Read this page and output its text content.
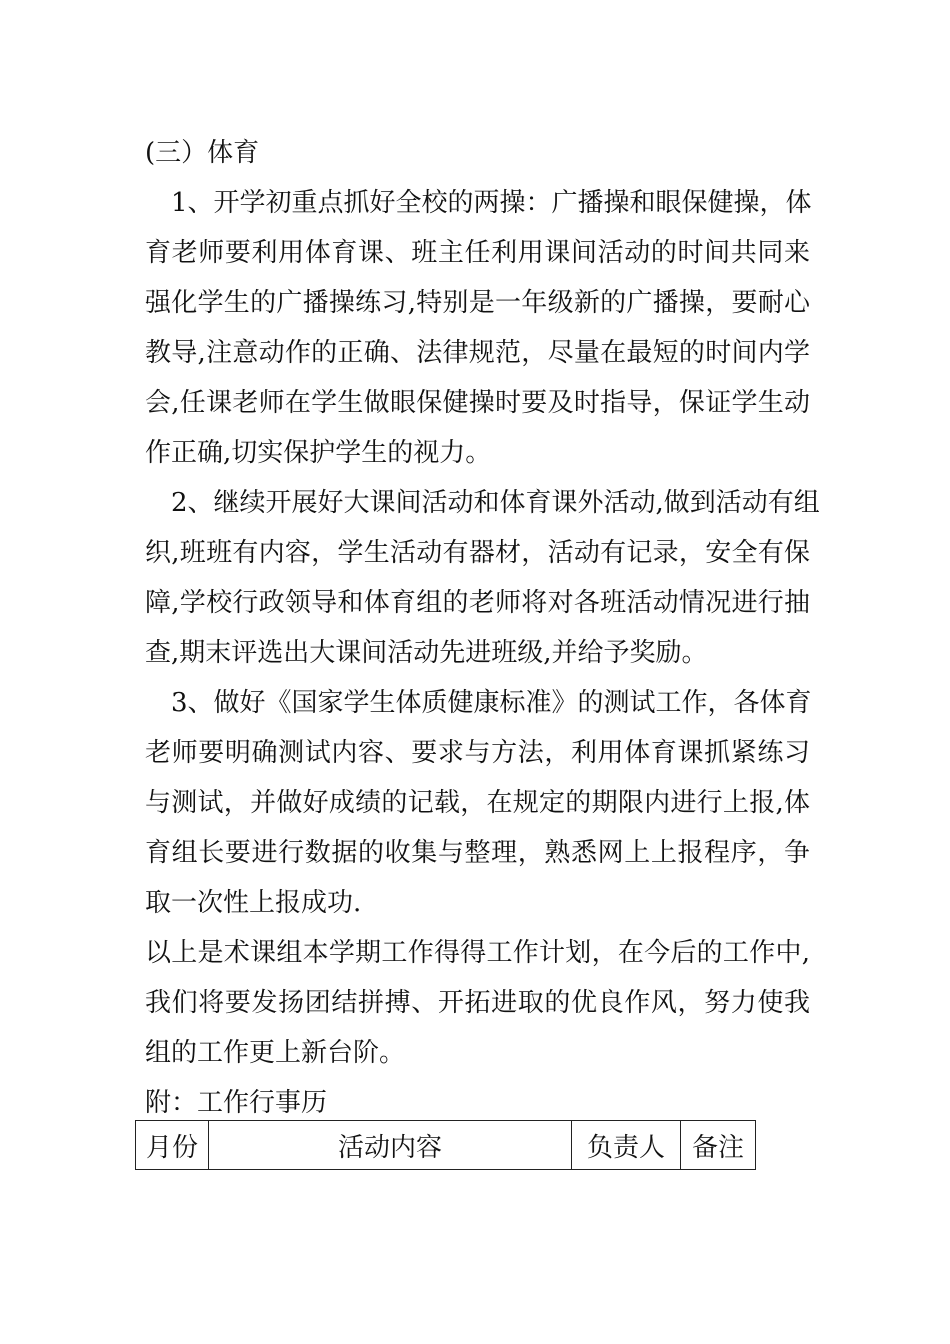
(三）体育
1、开学初重点抓好全校的两操：广播操和眼保健操，体
育老师要利用体育课、班主任利用课间活动的时间共同来
强化学生的广播操练习,特别是一年级新的广播操，要耐心
教导,注意动作的正确、法律规范，尽量在最短的时间内学
会,任课老师在学生做眼保健操时要及时指导，保证学生动
作正确,切实保护学生的视力。
2、继续开展好大课间活动和体育课外活动,做到活动有组
织,班班有内容，学生活动有器材，活动有记录，安全有保
障,学校行政领导和体育组的老师将对各班活动情况进行抽
查,期末评选出大课间活动先进班级,并给予奖励。
3、做好《国家学生体质健康标准》的测试工作，各体育
老师要明确测试内容、要求与方法，利用体育课抓紧练习
与测试，并做好成绩的记载，在规定的期限内进行上报,体
育组长要进行数据的收集与整理，熟悉网上上报程序，争
取一次性上报成功.
以上是术课组本学期工作得得工作计划，在今后的工作中,
我们将要发扬团结拼搏、开拓进取的优良作风，努力使我
组的工作更上新台阶。
附：工作行事历
月份	活动内容	负责人	备注
